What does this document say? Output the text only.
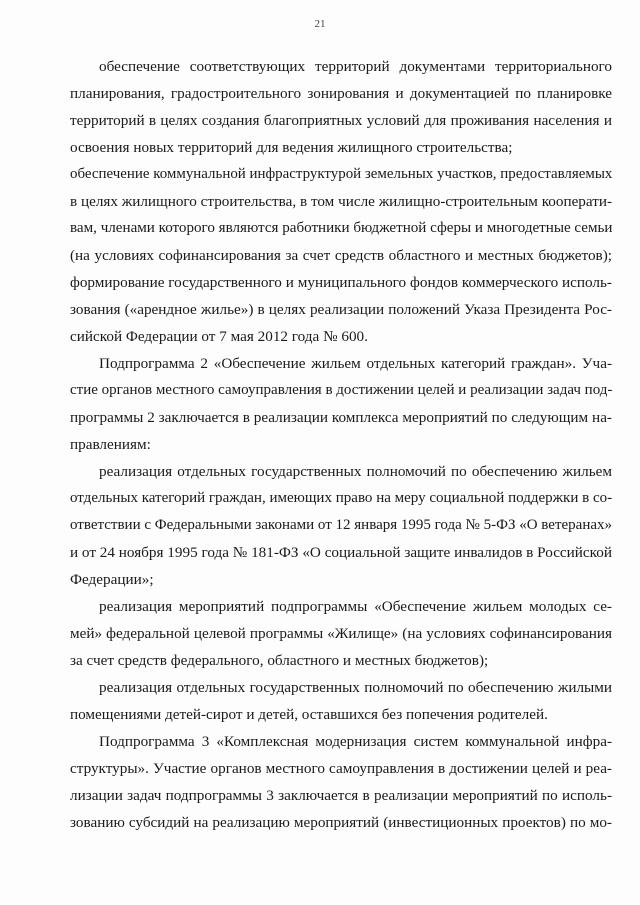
21
обеспечение соответствующих территорий документами территориального
планирования, градостроительного зонирования и документацией по планировке
территорий в целях создания благоприятных условий для проживания населения и
освоения новых территорий для ведения жилищного строительства;
обеспечение коммунальной инфраструктурой земельных участков, предоставляемых
в целях жилищного строительства, в том числе жилищно-строительным кооперати-
вам, членами которого являются работники бюджетной сферы и многодетные семьи
(на условиях софинансирования за счет средств областного и местных бюджетов);
формирование государственного и муниципального фондов коммерческого исполь-
зования («арендное жилье») в целях реализации положений Указа Президента Рос-
сийской Федерации от 7 мая 2012 года № 600.
Подпрограмма 2 «Обеспечение жильем отдельных категорий граждан». Уча-
стие органов местного самоуправления в достижении целей и реализации задач под-
программы 2 заключается в реализации комплекса мероприятий по следующим на-
правлениям:
реализация отдельных государственных полномочий по обеспечению жильем
отдельных категорий граждан, имеющих право на меру социальной поддержки в со-
ответствии с Федеральными законами от 12 января 1995 года № 5-ФЗ «О ветеранах»
и от 24 ноября 1995 года № 181-ФЗ «О социальной защите инвалидов в Российской
Федерации»;
реализация мероприятий подпрограммы «Обеспечение жильем молодых се-
мей» федеральной целевой программы «Жилище» (на условиях софинансирования
за счет средств федерального, областного и местных бюджетов);
реализация отдельных государственных полномочий по обеспечению жилыми
помещениями детей-сирот и детей, оставшихся без попечения родителей.
Подпрограмма 3 «Комплексная модернизация систем коммунальной инфра-
структуры». Участие органов местного самоуправления в достижении целей и реа-
лизации задач подпрограммы 3 заключается в реализации мероприятий по исполь-
зованию субсидий на реализацию мероприятий (инвестиционных проектов) по мо-
